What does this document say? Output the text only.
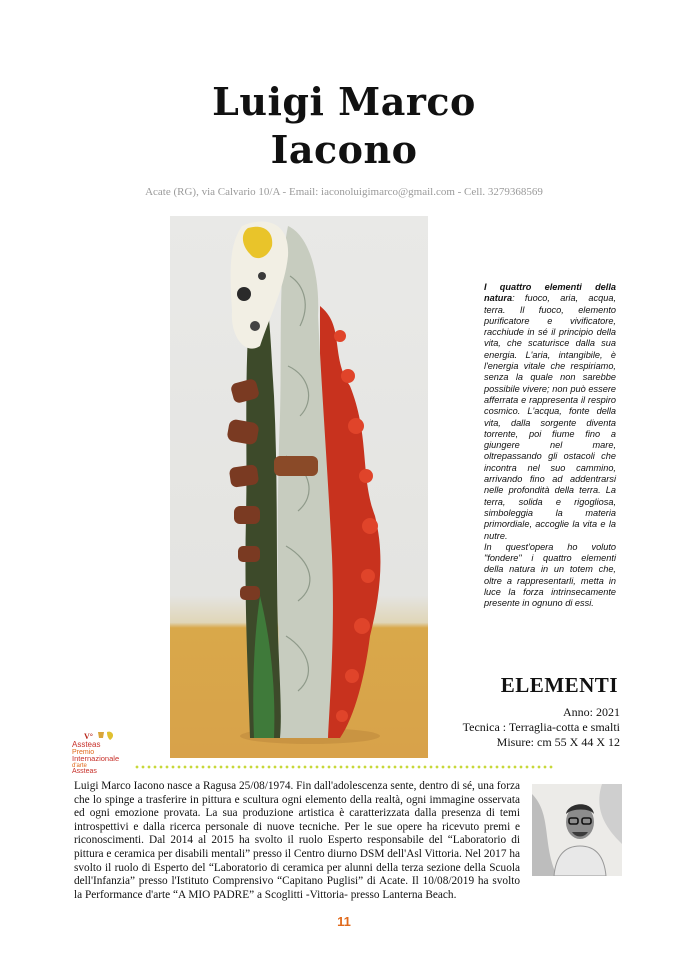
Luigi Marco
Iacono
Acate (RG), via Calvario 10/A - Email: iaconoluigimarco@gmail.com - Cell. 3279368569
I quattro elementi della natura: fuoco, aria, acqua, terra. Il fuoco, elemento purificatore e vivificatore, racchiude in sé il principio della vita, che scaturisce dalla sua energia. L'aria, intangibile, è l'energia vitale che respiriamo, senza la quale non sarebbe possibile vivere; non può essere afferrata e rappresenta il respiro cosmico. L'acqua, fonte della vita, dalla sorgente diventa torrente, poi fiume fino a giungere nel mare, oltrepassando gli ostacoli che incontra nel suo cammino, arrivando fino ad addentrarsi nelle profondità della terra. La terra, solida e rigogliosa, simboleggia la materia primordiale, accoglie la vita e la nutre.
In quest'opera ho voluto "fondere" i quattro elementi della natura in un totem che, oltre a rappresentarli, metta in luce la forza intrinsecamente presente in ognuno di essi.
ELEMENTI
Anno: 2021
Tecnica : Terraglia-cotta e smalti
Misure: cm 55 X 44 X 12
V°
Assteas
Premio
Internazionale
d'arte
Assteas
Luigi Marco Iacono nasce a Ragusa 25/08/1974. Fin dall'adolescenza sente, dentro di sé, una forza che lo spinge a trasferire in pittura e scultura ogni elemento della realtà, ogni immagine osservata ed ogni emozione provata. La sua produzione artistica è caratterizzata dalla presenza di temi introspettivi e dalla ricerca personale di nuove tecniche. Per le sue opere ha ricevuto premi e riconoscimenti. Dal 2014 al 2015 ha svolto il ruolo Esperto responsabile del “Laboratorio di pittura e ceramica per disabili mentali” presso il Centro diurno DSM dell'Asl Vittoria. Nel 2017 ha svolto il ruolo di Esperto del “Laboratorio di ceramica per alunni della terza sezione della Scuola dell'Infanzia” presso l'Istituto Comprensivo “Capitano Puglisi” di Acate. Il 10/08/2019 ha svolto la Performance d'arte “A MIO PADRE” a Scoglitti -Vittoria- presso Lanterna Beach.
11
